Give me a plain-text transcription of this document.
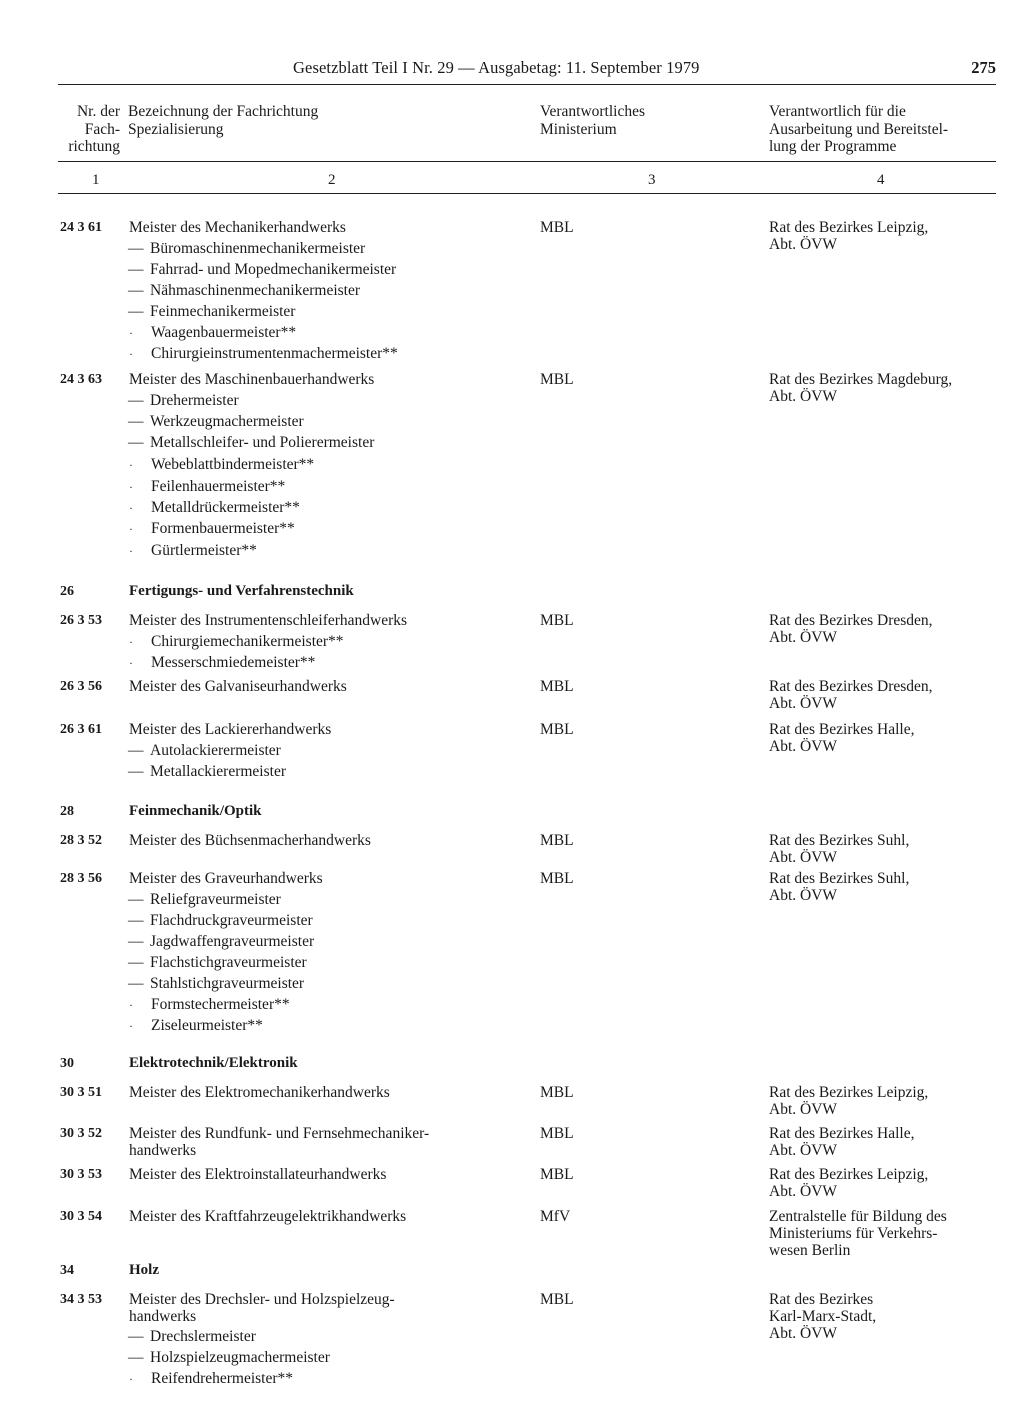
Gesetzblatt Teil I Nr. 29 — Ausgabetag: 11. September 1979	275
Nr. der
Fach-
richtung
Bezeichnung der Fachrichtung
Spezialisierung
Verantwortliches
Ministerium
Verantwortlich für die
Ausarbeitung und Bereitstel-
lung der Programme
1	2	3	4
24 3 61 Meister des Mechanikerhandwerks	MBL	Rat des Bezirkes Leipzig,
Abt. ÖVW
— Büromaschinenmechanikermeister
— Fahrrad- und Mopedmechanikermeister
— Nähmaschinenmechanikermeister
— Feinmechanikermeister
· Waagenbauermeister**
· Chirurgieinstrumentenmachermeister**
24 3 63 Meister des Maschinenbauerhandwerks	MBL	Rat des Bezirkes Magdeburg,
Abt. ÖVW
— Drehermeister
— Werkzeugmachermeister
— Metallschleifer- und Polierermeister
· Webeblattbindermeister**
· Feilenhauermeister**
· Metalldrückermeister**
· Formenbauermeister**
· Gürtlermeister**
26	Fertigungs- und Verfahrenstechnik
26 3 53 Meister des Instrumentenschleiferhandwerks	MBL	Rat des Bezirkes Dresden,
Abt. ÖVW
· Chirurgiemechanikermeister**
· Messerschmiedemeister**
26 3 56 Meister des Galvaniseurhandwerks	MBL	Rat des Bezirkes Dresden,
Abt. ÖVW
26 3 61 Meister des Lackiererhandwerks	MBL	Rat des Bezirkes Halle,
Abt. ÖVW
— Autolackierermeister
— Metallackierermeister
28	Feinmechanik/Optik
28 3 52 Meister des Büchsenmacherhandwerks	MBL	Rat des Bezirkes Suhl,
Abt. ÖVW
28 3 56 Meister des Graveurhandwerks	MBL	Rat des Bezirkes Suhl,
Abt. ÖVW
— Reliefgraveurmeister
— Flachdruckgraveurmeister
— Jagdwaffengraveurmeister
— Flachstichgraveurmeister
— Stahlstichgraveurmeister
· Formstechermeister**
· Ziseleurmeister**
30	Elektrotechnik/Elektronik
30 3 51 Meister des Elektromechanikerhandwerks	MBL	Rat des Bezirkes Leipzig,
Abt. ÖVW
30 3 52 Meister des Rundfunk- und Fernsehmechaniker-
handwerks
MBL	Rat des Bezirkes Halle,
Abt. ÖVW
30 3 53 Meister des Elektroinstallateurhandwerks	MBL	Rat des Bezirkes Leipzig,
Abt. ÖVW
30 3 54 Meister des Kraftfahrzeugelektrikhandwerks	MfV	Zentralstelle für Bildung des
Ministeriums für Verkehrs-
wesen Berlin
34	Holz
34 3 53 Meister des Drechsler- und Holzspielzeug-
handwerks
MBL	Rat des Bezirkes
Karl-Marx-Stadt,
Abt. ÖVW
— Drechslermeister
— Holzspielzeugmachermeister
· Reifendrehermeister**
